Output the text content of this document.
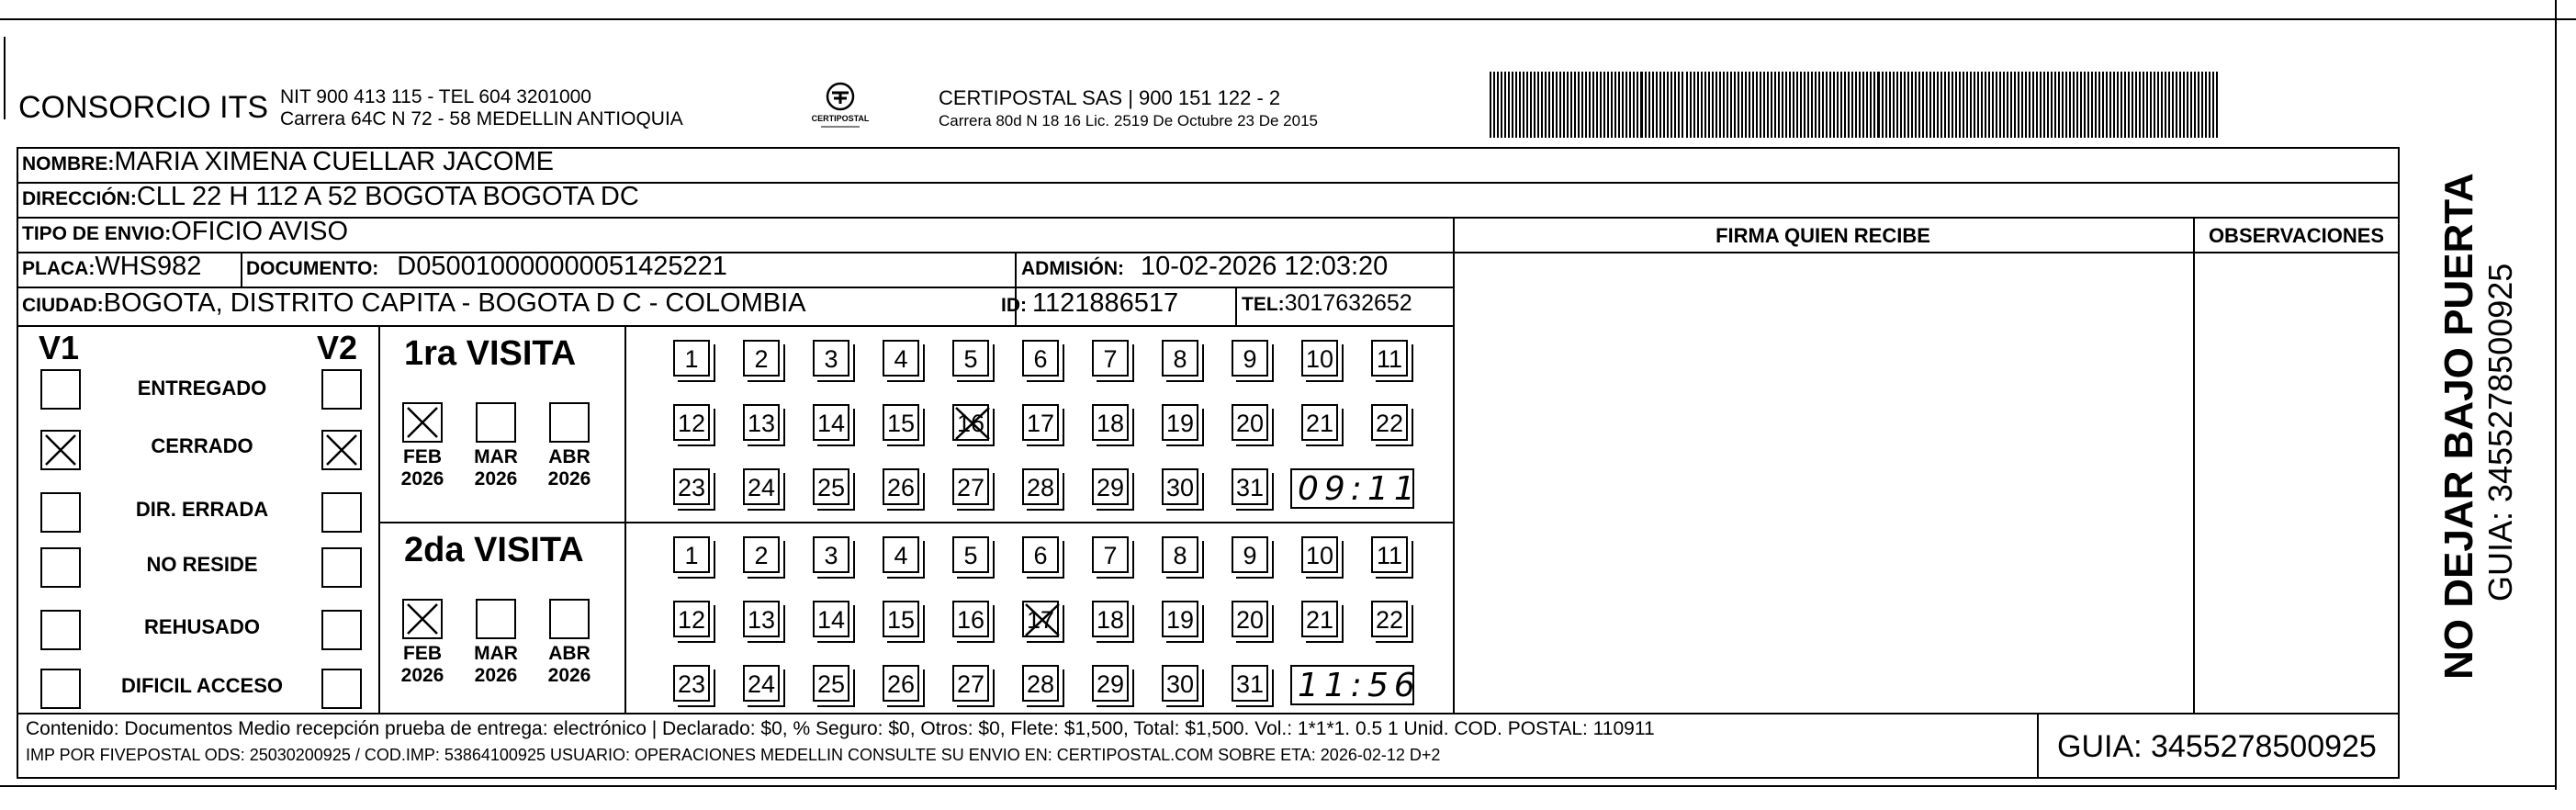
CONSORCIO ITS NIT 900 413 115 - TEL 604 3201000
Carrera 64C N 72 - 58 MEDELLIN ANTIOQUIA	CERTIPOSTAL
CERTIPOSTAL SAS | 900 151 122 - 2
Carrera 80d N 18 16 Lic. 2519 De Octubre 23 De 2015
NOMBRE:MARIA XIMENA CUELLAR JACOME
DIRECCIÓN:CLL 22 H 112 A 52 BOGOTA BOGOTA DC
TIPO DE ENVIO:OFICIO AVISO
PLACA:WHS982 DOCUMENTO: D050010000000051425221	ADMISIÓN: 10-02-2026 12:03:20
CIUDAD:BOGOTA, DISTRITO CAPITA - BOGOTA D C - COLOMBIA	ID: 1121886517	TEL:3017632652
FIRMA QUIEN RECIBE	OBSERVACIONES
V1	V2
ENTREGADO
CERRADO
DIR. ERRADA
NO RESIDE
REHUSADO
DIFICIL ACCESO
1ra VISITA
FEB
2026
MAR
2026
ABR
2026
1	2	3	4	5	6	7	8	9	10 11
12 13 14 15 16 17 18 19 20 21 22
23 24 25 26 27 28 29 30 31 09:11
2da VISITA
FEB
2026
MAR
2026
ABR
2026
1	2	3	4	5	6	7	8	9	10 11
12 13 14 15 16 17 18 19 20 21 22
23 24 25 26 27 28 29 30 31 11:56
Contenido: Documentos Medio recepción prueba de entrega: electrónico | Declarado: $0, % Seguro: $0, Otros: $0, Flete: $1,500, Total: $1,500. Vol.: 1*1*1. 0.5 1 Unid. COD. POSTAL: 110911
IMP POR FIVEPOSTAL ODS: 25030200925 / COD.IMP: 53864100925 USUARIO: OPERACIONES MEDELLIN CONSULTE SU ENVIO EN: CERTIPOSTAL.COM SOBRE ETA: 2026-02-12 D+2	GUIA: 3455278500925
NO DEJAR BAJO PUERTA GUIA: 3455278500925
